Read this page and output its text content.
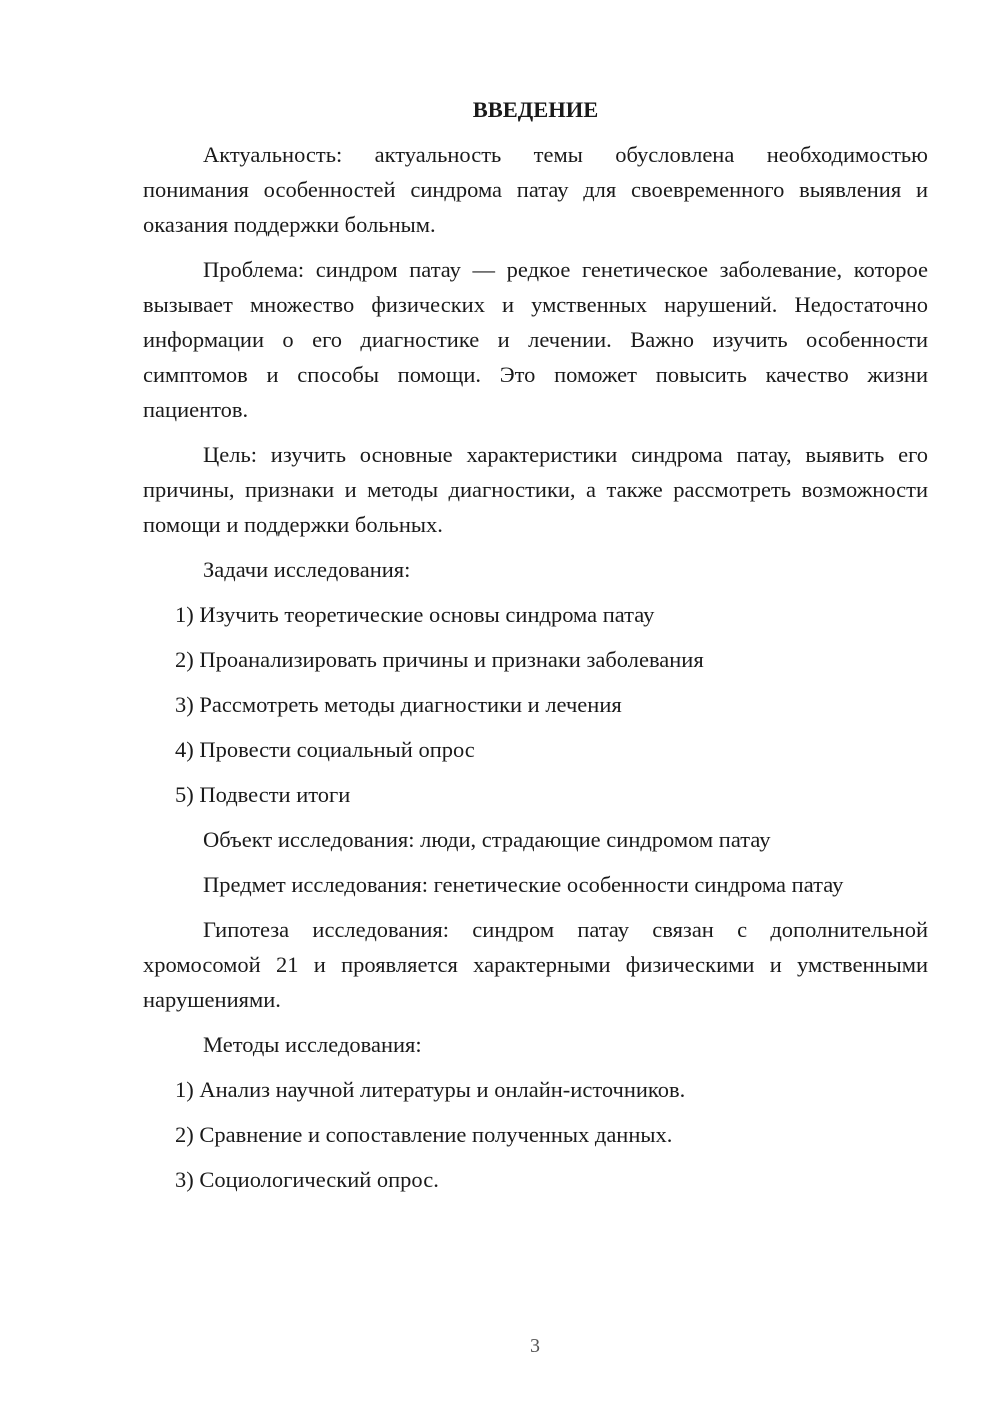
ВВЕДЕНИЕ

Актуальность: актуальность темы обусловлена необходимостью понимания особенностей синдрома патау для своевременного выявления и оказания поддержки больным.

Проблема: синдром патау — редкое генетическое заболевание, которое вызывает множество физических и умственных нарушений. Недостаточно информации о его диагностике и лечении. Важно изучить особенности симптомов и способы помощи. Это поможет повысить качество жизни пациентов.

Цель: изучить основные характеристики синдрома патау, выявить его причины, признаки и методы диагностики, а также рассмотреть возможности помощи и поддержки больных.

Задачи исследования:

1) Изучить теоретические основы синдрома патау

2) Проанализировать причины и признаки заболевания

3) Рассмотреть методы диагностики и лечения

4) Провести социальный опрос

5) Подвести итоги

Объект исследования: люди, страдающие синдромом патау

Предмет исследования: генетические особенности синдрома патау

Гипотеза исследования: синдром патау связан с дополнительной хромосомой 21 и проявляется характерными физическими и умственными нарушениями.

Методы исследования:

1) Анализ научной литературы и онлайн-источников.

2) Сравнение и сопоставление полученных данных.

3) Социологический опрос.

3
